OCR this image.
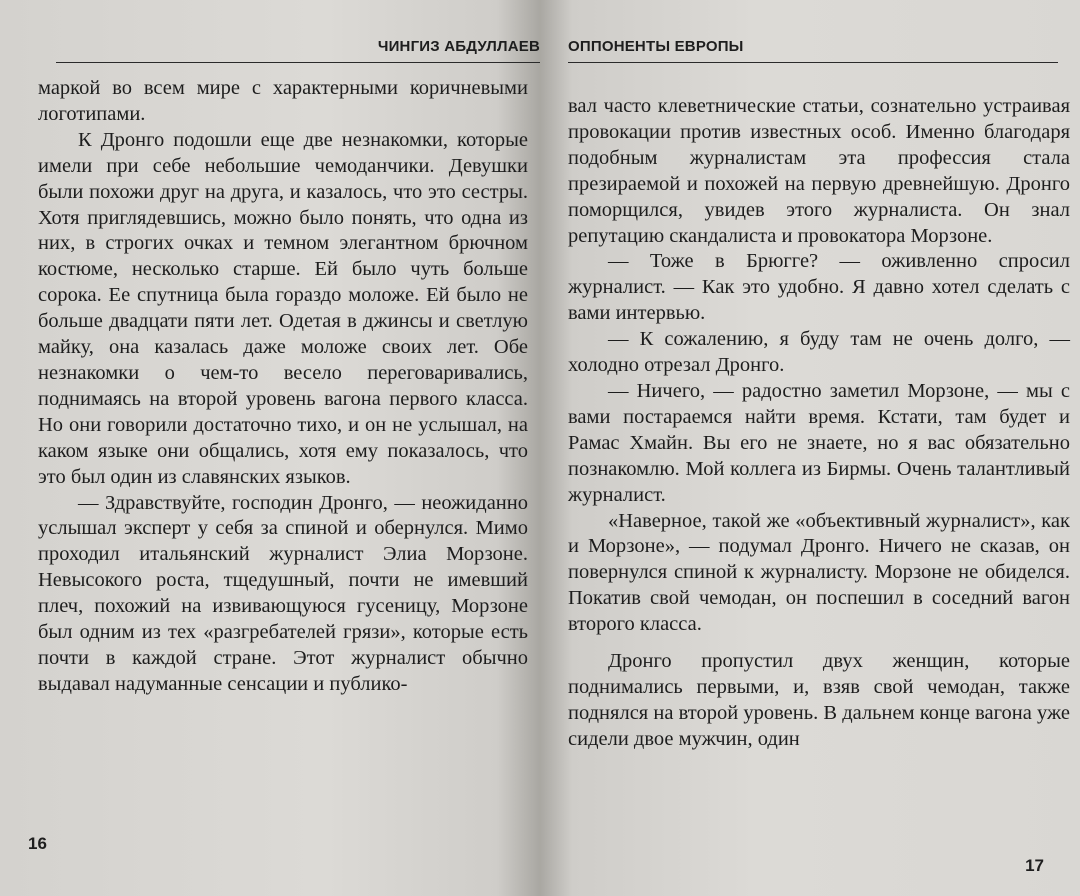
ЧИНГИЗ АБДУЛЛАЕВ

маркой во всем мире с характерными коричневыми логотипами.

К Дронго подошли еще две незнакомки, которые имели при себе небольшие чемоданчики. Девушки были похожи друг на друга, и казалось, что это сестры. Хотя приглядевшись, можно было понять, что одна из них, в строгих очках и темном элегантном брючном костюме, несколько старше. Ей было чуть больше сорока. Ее спутница была гораздо моложе. Ей было не больше двадцати пяти лет. Одетая в джинсы и светлую майку, она казалась даже моложе своих лет. Обе незнакомки о чем-то весело переговаривались, поднимаясь на второй уровень вагона первого класса. Но они говорили достаточно тихо, и он не услышал, на каком языке они общались, хотя ему показалось, что это был один из славянских языков.

— Здравствуйте, господин Дронго, — неожиданно услышал эксперт у себя за спиной и обернулся. Мимо проходил итальянский журналист Элиа Морзоне. Невысокого роста, тщедушный, почти не имевший плеч, похожий на извивающуюся гусеницу, Морзоне был одним из тех «разгребателей грязи», которые есть почти в каждой стране. Этот журналист обычно выдавал надуманные сенсации и публико-

16
ОППОНЕНТЫ ЕВРОПЫ

вал часто клеветнические статьи, сознательно устраивая провокации против известных особ. Именно благодаря подобным журналистам эта профессия стала презираемой и похожей на первую древнейшую. Дронго поморщился, увидев этого журналиста. Он знал репутацию скандалиста и провокатора Морзоне.

— Тоже в Брюгге? — оживленно спросил журналист. — Как это удобно. Я давно хотел сделать с вами интервью.

— К сожалению, я буду там не очень долго, — холодно отрезал Дронго.

— Ничего, — радостно заметил Морзоне, — мы с вами постараемся найти время. Кстати, там будет и Рамас Хмайн. Вы его не знаете, но я вас обязательно познакомлю. Мой коллега из Бирмы. Очень талантливый журналист.

«Наверное, такой же «объективный журналист», как и Морзоне», — подумал Дронго. Ничего не сказав, он повернулся спиной к журналисту. Морзоне не обиделся. Покатив свой чемодан, он поспешил в соседний вагон второго класса.

Дронго пропустил двух женщин, которые поднимались первыми, и, взяв свой чемодан, также поднялся на второй уровень. В дальнем конце вагона уже сидели двое мужчин, один

17
